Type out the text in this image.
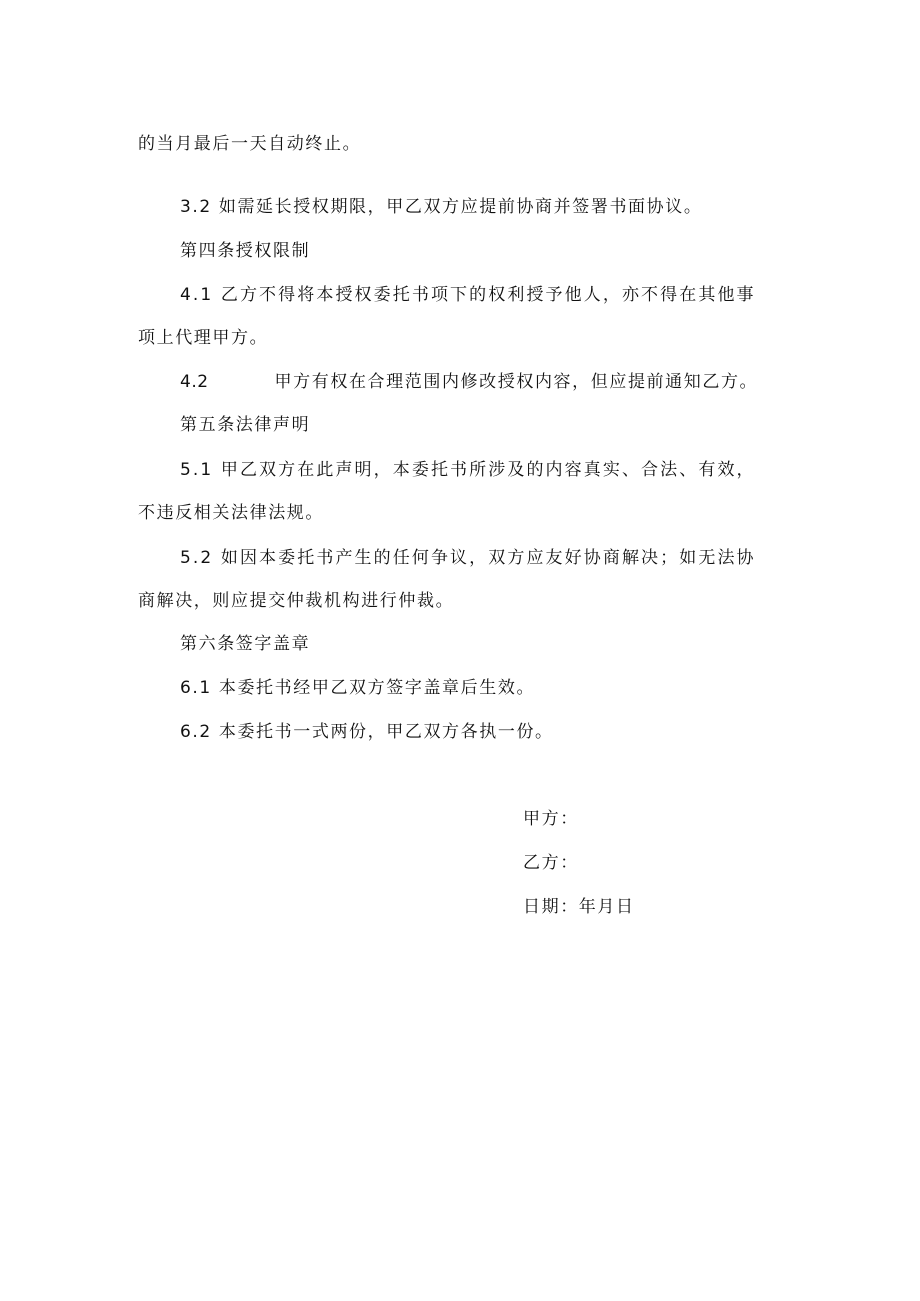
的当月最后一天自动终止。
3.2 如需延长授权期限，甲乙双方应提前协商并签署书面协议。
第四条授权限制
4.1 乙方不得将本授权委托书项下的权利授予他人，亦不得在其他事
项上代理甲方。
4.2	甲方有权在合理范围内修改授权内容，但应提前通知乙方。
第五条法律声明
5.1 甲乙双方在此声明，本委托书所涉及的内容真实、合法、有效，
不违反相关法律法规。
5.2 如因本委托书产生的任何争议，双方应友好协商解决；如无法协
商解决，则应提交仲裁机构进行仲裁。
第六条签字盖章
6.1 本委托书经甲乙双方签字盖章后生效。
6.2 本委托书一式两份，甲乙双方各执一份。
甲方：
乙方：
日期：年月日
